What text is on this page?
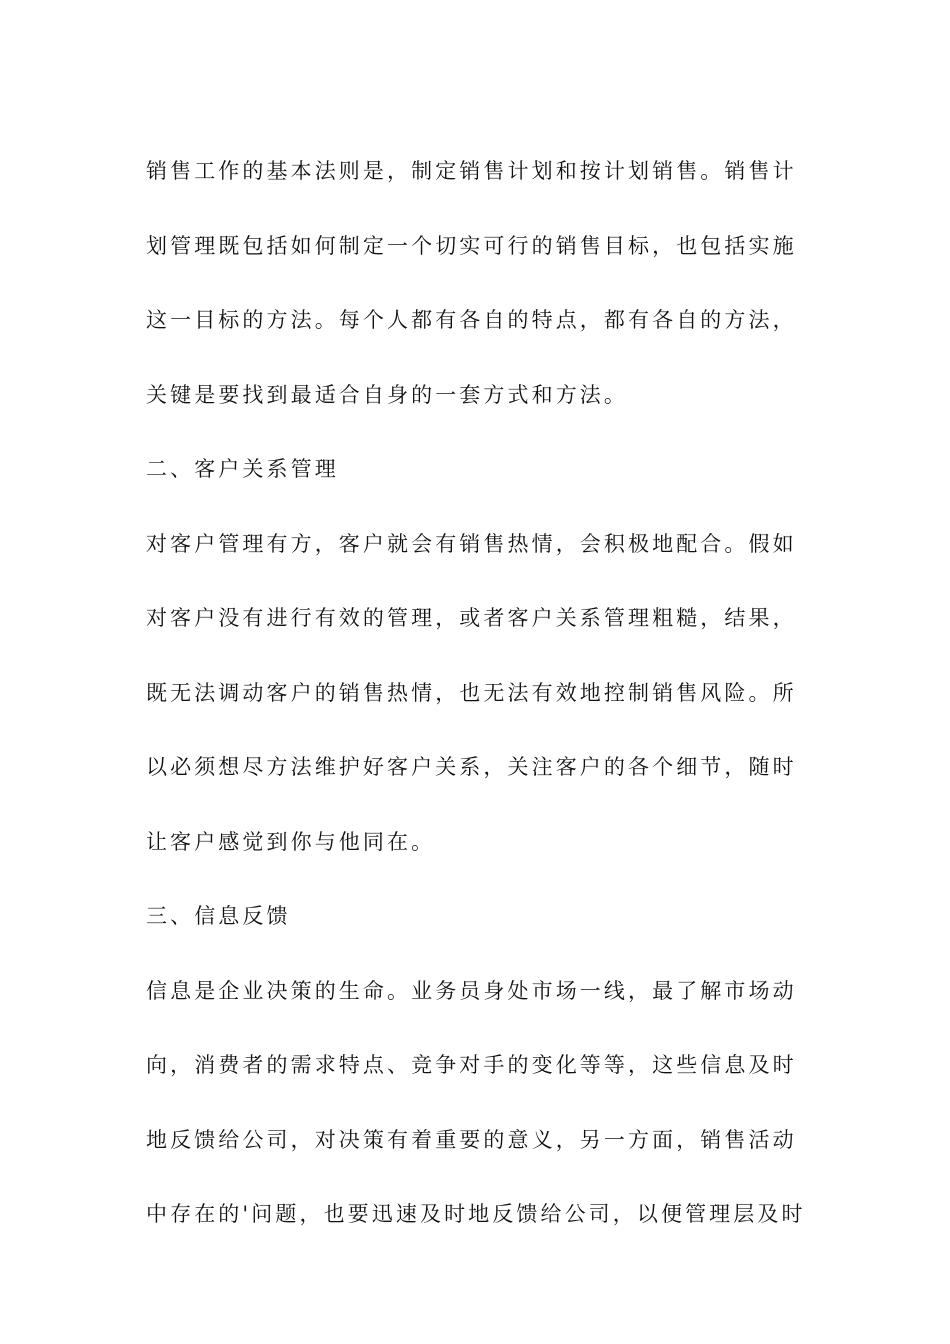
销售工作的基本法则是，制定销售计划和按计划销售。销售计
划管理既包括如何制定一个切实可行的销售目标，也包括实施
这一目标的方法。每个人都有各自的特点，都有各自的方法，
关键是要找到最适合自身的一套方式和方法。
二、客户关系管理
对客户管理有方，客户就会有销售热情，会积极地配合。假如
对客户没有进行有效的管理，或者客户关系管理粗糙，结果，
既无法调动客户的销售热情，也无法有效地控制销售风险。所
以必须想尽方法维护好客户关系，关注客户的各个细节，随时
让客户感觉到你与他同在。
三、信息反馈
信息是企业决策的生命。业务员身处市场一线，最了解市场动
向，消费者的需求特点、竞争对手的变化等等，这些信息及时
地反馈给公司，对决策有着重要的意义，另一方面，销售活动
中存在的'问题，也要迅速及时地反馈给公司，以便管理层及时
